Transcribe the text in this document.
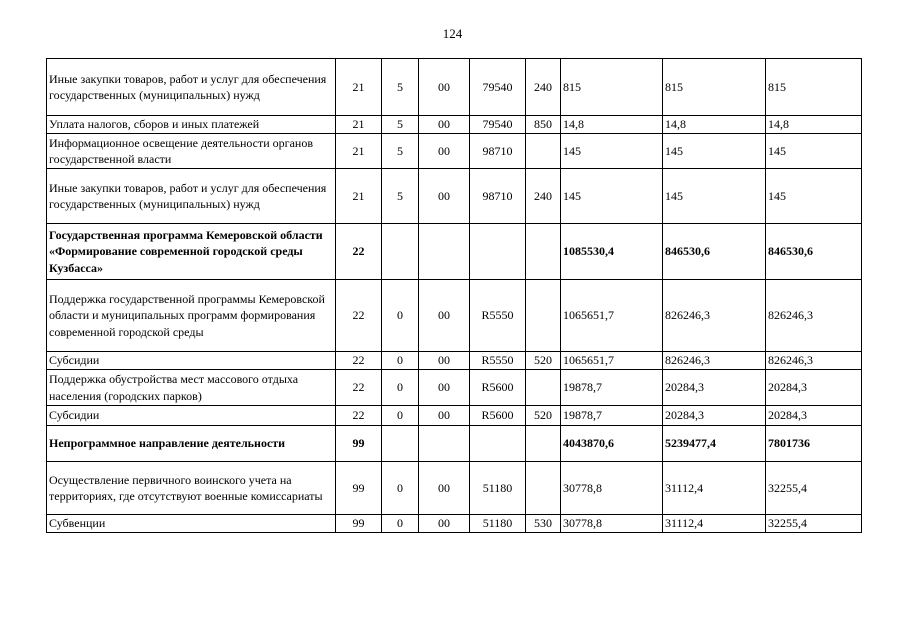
124
Иные закупки товаров, работ и услуг для обеспечения государственных (муниципальных) нужд	21	5	00	79540	240	815	815	815
Уплата налогов, сборов и иных платежей	21	5	00	79540	850	14,8	14,8	14,8
Информационное освещение деятельности органов государственной власти	21	5	00	98710		145	145	145
Иные закупки товаров, работ и услуг для обеспечения государственных (муниципальных) нужд	21	5	00	98710	240	145	145	145
Государственная программа Кемеровской области «Формирование современной городской среды Кузбасса»	22					1085530,4	846530,6	846530,6
Поддержка государственной программы Кемеровской области и муниципальных программ формирования современной городской среды	22	0	00	R5550		1065651,7	826246,3	826246,3
Субсидии	22	0	00	R5550	520	1065651,7	826246,3	826246,3
Поддержка обустройства мест массового отдыха населения (городских парков)	22	0	00	R5600		19878,7	20284,3	20284,3
Субсидии	22	0	00	R5600	520	19878,7	20284,3	20284,3
Непрограммное направление деятельности	99					4043870,6	5239477,4	7801736
Осуществление первичного воинского учета на территориях, где отсутствуют военные комиссариаты	99	0	00	51180		30778,8	31112,4	32255,4
Субвенции	99	0	00	51180	530	30778,8	31112,4	32255,4
